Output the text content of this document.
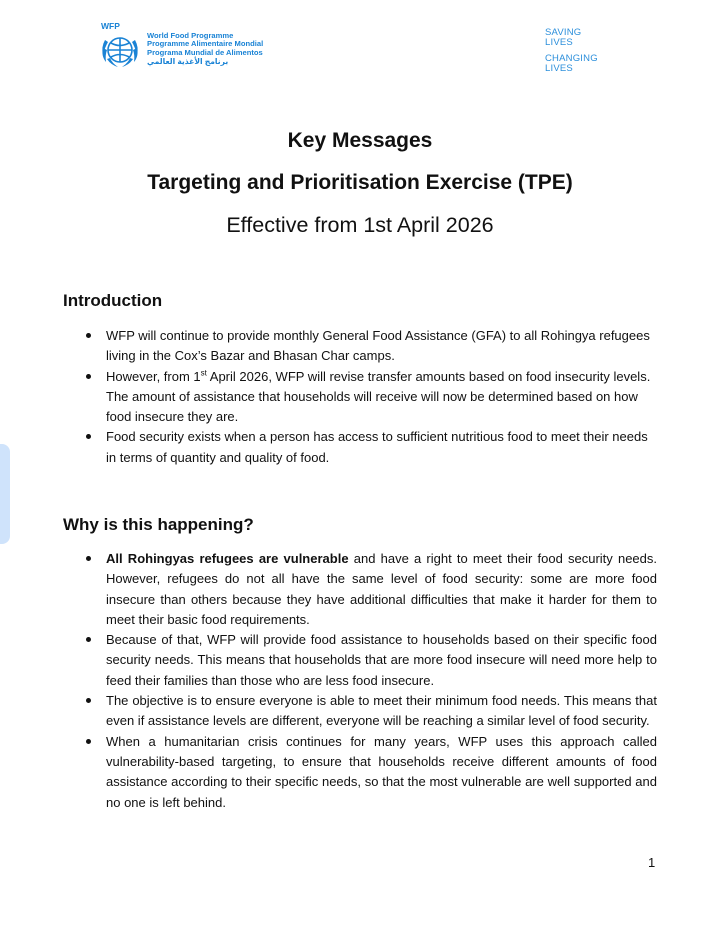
WFP
World Food Programme
Programme Alimentaire Mondial
Programa Mundial de Alimentos
برنامج الأغذية العالمي
SAVING
LIVES
CHANGING
LIVES
Key Messages
Targeting and Prioritisation Exercise (TPE)
Effective from 1st April 2026
Introduction
WFP will continue to provide monthly General Food Assistance (GFA) to all Rohingya refugees living in the Cox’s Bazar and Bhasan Char camps.
However, from 1st April 2026, WFP will revise transfer amounts based on food insecurity levels. The amount of assistance that households will receive will now be determined based on how food insecure they are.
Food security exists when a person has access to sufficient nutritious food to meet their needs in terms of quantity and quality of food.
Why is this happening?
All Rohingyas refugees are vulnerable and have a right to meet their food security needs. However, refugees do not all have the same level of food security: some are more food insecure than others because they have additional difficulties that make it harder for them to meet their basic food requirements.
Because of that, WFP will provide food assistance to households based on their specific food security needs. This means that households that are more food insecure will need more help to feed their families than those who are less food insecure.
The objective is to ensure everyone is able to meet their minimum food needs. This means that even if assistance levels are different, everyone will be reaching a similar level of food security.
When a humanitarian crisis continues for many years, WFP uses this approach called vulnerability-based targeting, to ensure that households receive different amounts of food assistance according to their specific needs, so that the most vulnerable are well supported and no one is left behind.
1
